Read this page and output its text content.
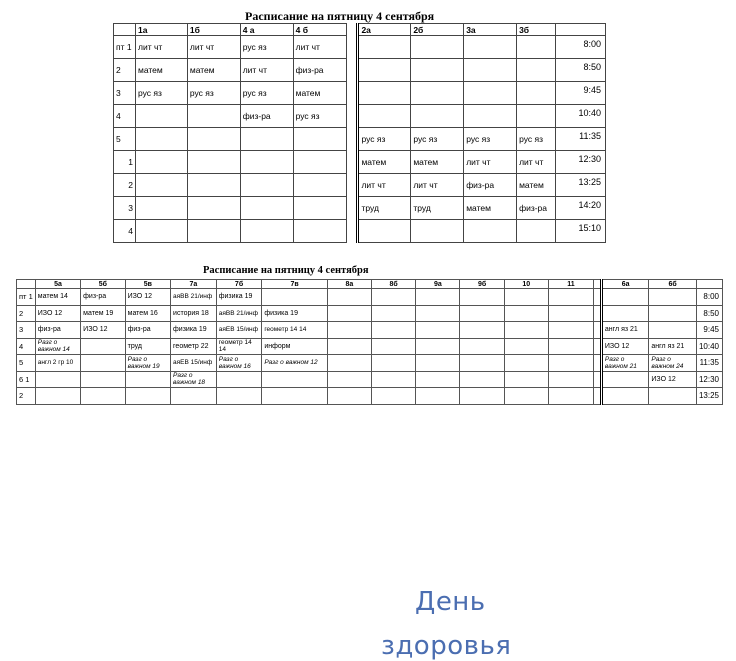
Расписание на пятницу 4 сентября
	1а	1б	4 а	4 б		2а	2б	3а	3б	
пт 1	лит чт	лит чт	рус яз	лит чт						8:00
2	матем	матем	лит чт	физ-ра						8:50
3	рус яз	рус яз	рус яз	матем						9:45
4			физ-ра	рус яз						10:40
5						рус яз	рус яз	рус яз	рус яз	11:35
1						матем	матем	лит чт	лит чт	12:30
2						лит чт	лит чт	физ-ра	матем	13:25
3						труд	труд	матем	физ-ра	14:20
4										15:10
Расписание на пятницу 4 сентября
	5а	5б	5в	7а	7б	7в	8а	8б	9а	9б	10	11		6а	6б	
пт 1	матем 14	физ-ра	ИЗО 12	аяВВ 21/инф	физика 19											8:00
2	ИЗО 12	матем 19	матем 16	история 18	аяВВ 21/инф	физика 19										8:50
3	физ-ра	ИЗО 12	физ-ра	физика 19	аяЕВ 15/инф	геометр 14 14								англ яз 21		9:45
4	Разг о важном 14		труд	геометр 22	геометр 14 14	информ								ИЗО 12	англ яз 21	10:40
5	англ 2 гр 10		Разг о важном 19	аяЕВ 15/инф	Разг о важном 16	Разг о важном 12								Разг о важном 21	Разг о важном 24	11:35
6 1				Разг о важном 18											ИЗО 12	12:30
2																13:25
День
здоровья
